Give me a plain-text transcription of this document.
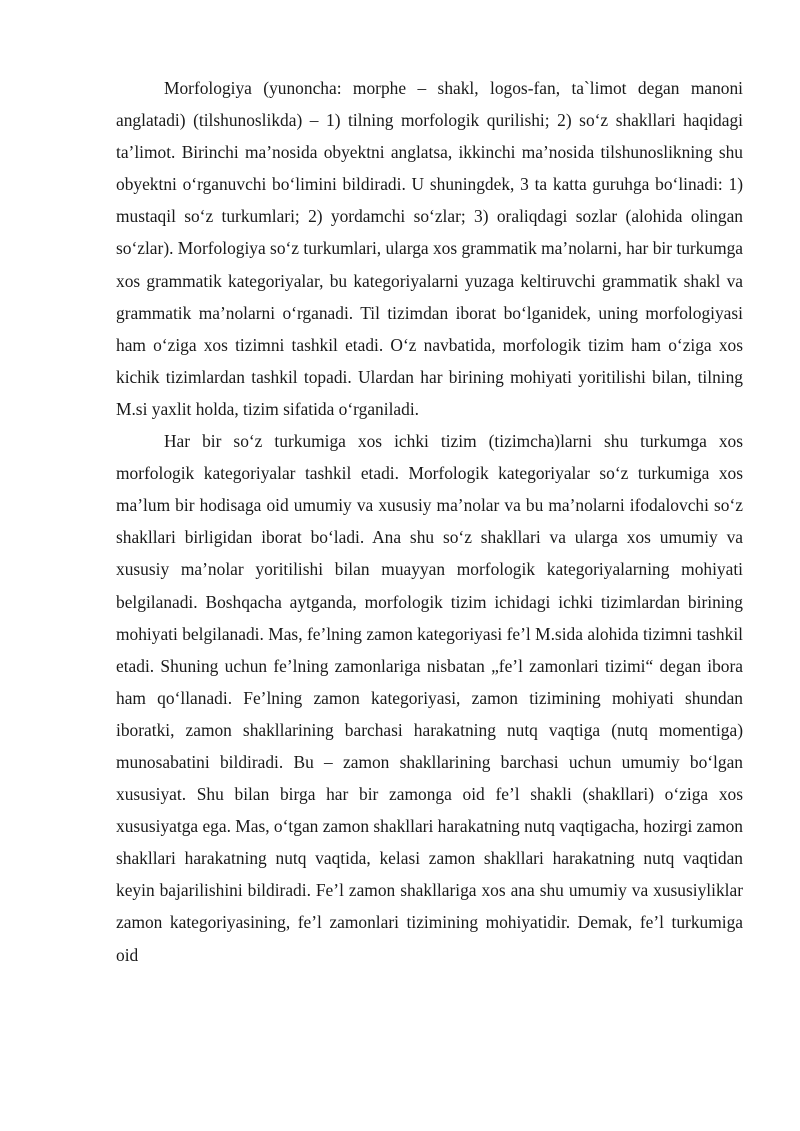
Morfologiya (yunoncha: morphe – shakl, logos-fan, ta`limot degan manoni anglatadi) (tilshunoslikda) – 1) tilning morfologik qurilishi; 2) so‘z shakllari haqidagi ta’limot. Birinchi ma’nosida obyektni anglatsa, ikkinchi ma’nosida tilshunoslikning shu obyektni o‘rganuvchi bo‘limini bildiradi. U shuningdek, 3 ta katta guruhga bo‘linadi: 1) mustaqil so‘z turkumlari; 2) yordamchi so‘zlar; 3) oraliqdagi sozlar (alohida olingan so‘zlar). Morfologiya so‘z turkumlari, ularga xos grammatik ma’nolarni, har bir turkumga xos grammatik kategoriyalar, bu kategoriyalarni yuzaga keltiruvchi grammatik shakl va grammatik ma’nolarni o‘rganadi. Til tizimdan iborat bo‘lganidek, uning morfologiyasi ham o‘ziga xos tizimni tashkil etadi. O‘z navbatida, morfologik tizim ham o‘ziga xos kichik tizimlardan tashkil topadi. Ulardan har birining mohiyati yoritilishi bilan, tilning M.si yaxlit holda, tizim sifatida o‘rganiladi.

Har bir so‘z turkumiga xos ichki tizim (tizimcha)larni shu turkumga xos morfologik kategoriyalar tashkil etadi. Morfologik kategoriyalar so‘z turkumiga xos ma’lum bir hodisaga oid umumiy va xususiy ma’nolar va bu ma’nolarni ifodalovchi so‘z shakllari birligidan iborat bo‘ladi. Ana shu so‘z shakllari va ularga xos umumiy va xususiy ma’nolar yoritilishi bilan muayyan morfologik kategoriyalarning mohiyati belgilanadi. Boshqacha aytganda, morfologik tizim ichidagi ichki tizimlardan birining mohiyati belgilanadi. Mas, fe’lning zamon kategoriyasi fe’l M.sida alohida tizimni tashkil etadi. Shuning uchun fe’lning zamonlariga nisbatan „fe’l zamonlari tizimi“ degan ibora ham qo‘llanadi. Fe’lning zamon kategoriyasi, zamon tizimining mohiyati shundan iboratki, zamon shakllarining barchasi harakatning nutq vaqtiga (nutq momentiga) munosabatini bildiradi. Bu – zamon shakllarining barchasi uchun umumiy bo‘lgan xususiyat. Shu bilan birga har bir zamonga oid fe’l shakli (shakllari) o‘ziga xos xususiyatga ega. Mas, o‘tgan zamon shakllari harakatning nutq vaqtigacha, hozirgi zamon shakllari harakatning nutq vaqtida, kelasi zamon shakllari harakatning nutq vaqtidan keyin bajarilishini bildiradi. Fe’l zamon shakllariga xos ana shu umumiy va xususiyliklar zamon kategoriyasining, fe’l zamonlari tizimining mohiyatidir. Demak, fe’l turkumiga oid
